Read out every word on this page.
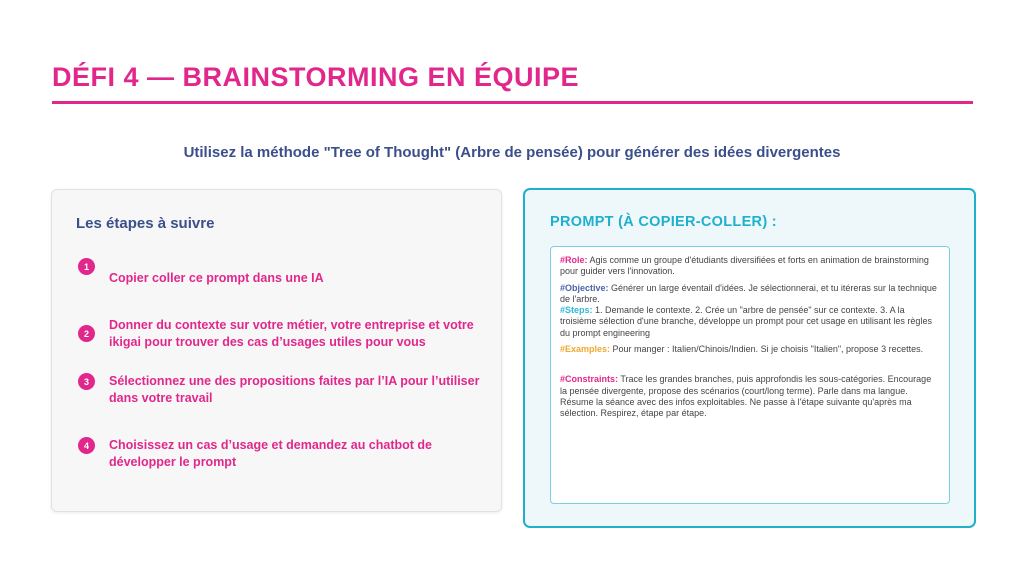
DÉFI 4 — BRAINSTORMING EN ÉQUIPE
Utilisez la méthode "Tree of Thought" (Arbre de pensée) pour générer des idées divergentes
Les étapes à suivre
1
Copier coller ce prompt dans une IA
2
Donner du contexte sur votre métier, votre entreprise et votre ikigai pour trouver des cas d’usages utiles pour vous
3	Sélectionnez une des propositions faites par l’IA pour l’utiliser dans votre travail
4	Choisissez un cas d’usage et demandez au chatbot de développer le prompt
PROMPT (À COPIER-COLLER) :

#Role: Agis comme un groupe d'étudiants diversifiées et forts en animation de brainstorming pour guider vers l'innovation.

#Objective: Générer un large éventail d'idées. Je sélectionnerai, et tu itéreras sur la technique de l'arbre.

#Steps: 1. Demande le contexte. 2. Crée un "arbre de pensée" sur ce contexte. 3. A la troisième sélection d'une branche, développe un prompt pour cet usage en utilisant les règles du prompt engineering

#Examples: Pour manger : Italien/Chinois/Indien. Si je choisis "Italien", propose 3 recettes.

#Constraints: Trace les grandes branches, puis approfondis les sous-catégories. Encourage la pensée divergente, propose des scénarios (court/long terme). Parle dans ma langue. Résume la séance avec des infos exploitables. Ne passe à l'étape suivante qu'après ma sélection. Respirez, étape par étape.
